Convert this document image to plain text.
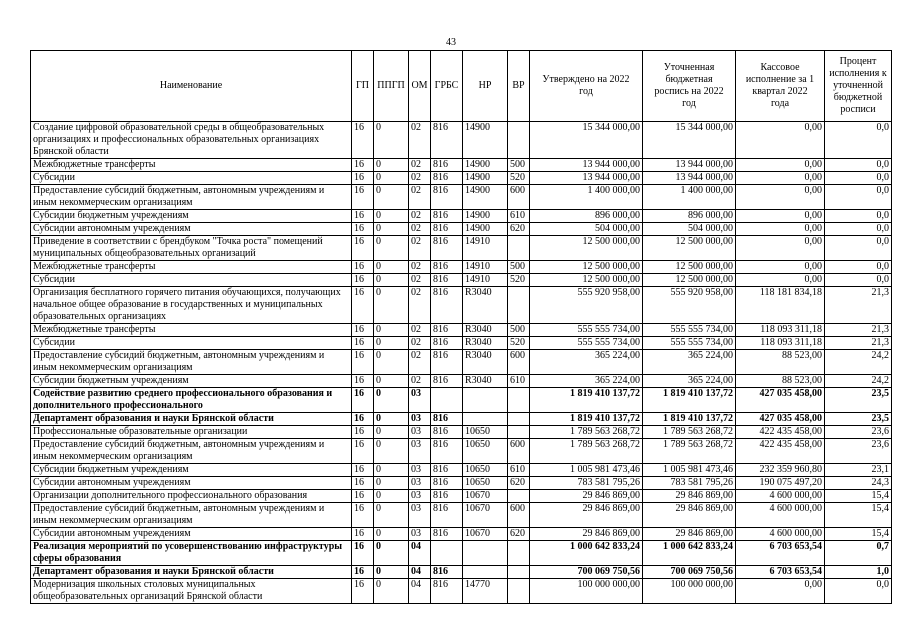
43
Наименование	ГП	ППГП	ОМ	ГРБС	НР	ВР	Утверждено на 2022 год	Уточненная бюджетная роспись на 2022 год	Кассовое исполнение за 1 квартал 2022 года	Процент исполнения к уточненной бюджетной росписи
Создание цифровой образовательной среды в общеобразовательных организациях и профессиональных образовательных организациях Брянской области	16	0	02	816	14900		15 344 000,00	15 344 000,00	0,00	0,0
Межбюджетные трансферты	16	0	02	816	14900	500	13 944 000,00	13 944 000,00	0,00	0,0
Субсидии	16	0	02	816	14900	520	13 944 000,00	13 944 000,00	0,00	0,0
Предоставление субсидий бюджетным, автономным учреждениям и иным некоммерческим организациям	16	0	02	816	14900	600	1 400 000,00	1 400 000,00	0,00	0,0
Субсидии бюджетным учреждениям	16	0	02	816	14900	610	896 000,00	896 000,00	0,00	0,0
Субсидии автономным учреждениям	16	0	02	816	14900	620	504 000,00	504 000,00	0,00	0,0
Приведение в соответствии с брендбуком "Точка роста" помещений муниципальных общеобразовательных организаций	16	0	02	816	14910		12 500 000,00	12 500 000,00	0,00	0,0
Межбюджетные трансферты	16	0	02	816	14910	500	12 500 000,00	12 500 000,00	0,00	0,0
Субсидии	16	0	02	816	14910	520	12 500 000,00	12 500 000,00	0,00	0,0
Организация бесплатного горячего питания обучающихся, получающих начальное общее образование в государственных и муниципальных образовательных организациях	16	0	02	816	R3040		555 920 958,00	555 920 958,00	118 181 834,18	21,3
Межбюджетные трансферты	16	0	02	816	R3040	500	555 555 734,00	555 555 734,00	118 093 311,18	21,3
Субсидии	16	0	02	816	R3040	520	555 555 734,00	555 555 734,00	118 093 311,18	21,3
Предоставление субсидий бюджетным, автономным учреждениям и иным некоммерческим организациям	16	0	02	816	R3040	600	365 224,00	365 224,00	88 523,00	24,2
Субсидии бюджетным учреждениям	16	0	02	816	R3040	610	365 224,00	365 224,00	88 523,00	24,2
Содействие развитию среднего профессионального образования и дополнительного профессионального	16	0	03				1 819 410 137,72	1 819 410 137,72	427 035 458,00	23,5
Департамент образования и науки Брянской области	16	0	03	816			1 819 410 137,72	1 819 410 137,72	427 035 458,00	23,5
Профессиональные образовательные организации	16	0	03	816	10650		1 789 563 268,72	1 789 563 268,72	422 435 458,00	23,6
Предоставление субсидий бюджетным, автономным учреждениям и иным некоммерческим организациям	16	0	03	816	10650	600	1 789 563 268,72	1 789 563 268,72	422 435 458,00	23,6
Субсидии бюджетным учреждениям	16	0	03	816	10650	610	1 005 981 473,46	1 005 981 473,46	232 359 960,80	23,1
Субсидии автономным учреждениям	16	0	03	816	10650	620	783 581 795,26	783 581 795,26	190 075 497,20	24,3
Организации дополнительного профессионального образования	16	0	03	816	10670		29 846 869,00	29 846 869,00	4 600 000,00	15,4
Предоставление субсидий бюджетным, автономным учреждениям и иным некоммерческим организациям	16	0	03	816	10670	600	29 846 869,00	29 846 869,00	4 600 000,00	15,4
Субсидии автономным учреждениям	16	0	03	816	10670	620	29 846 869,00	29 846 869,00	4 600 000,00	15,4
Реализация мероприятий по усовершенствованию инфраструктуры сферы образования	16	0	04				1 000 642 833,24	1 000 642 833,24	6 703 653,54	0,7
Департамент образования и науки Брянской области	16	0	04	816			700 069 750,56	700 069 750,56	6 703 653,54	1,0
Модернизация школьных столовых муниципальных общеобразовательных организаций Брянской области	16	0	04	816	14770		100 000 000,00	100 000 000,00	0,00	0,0
